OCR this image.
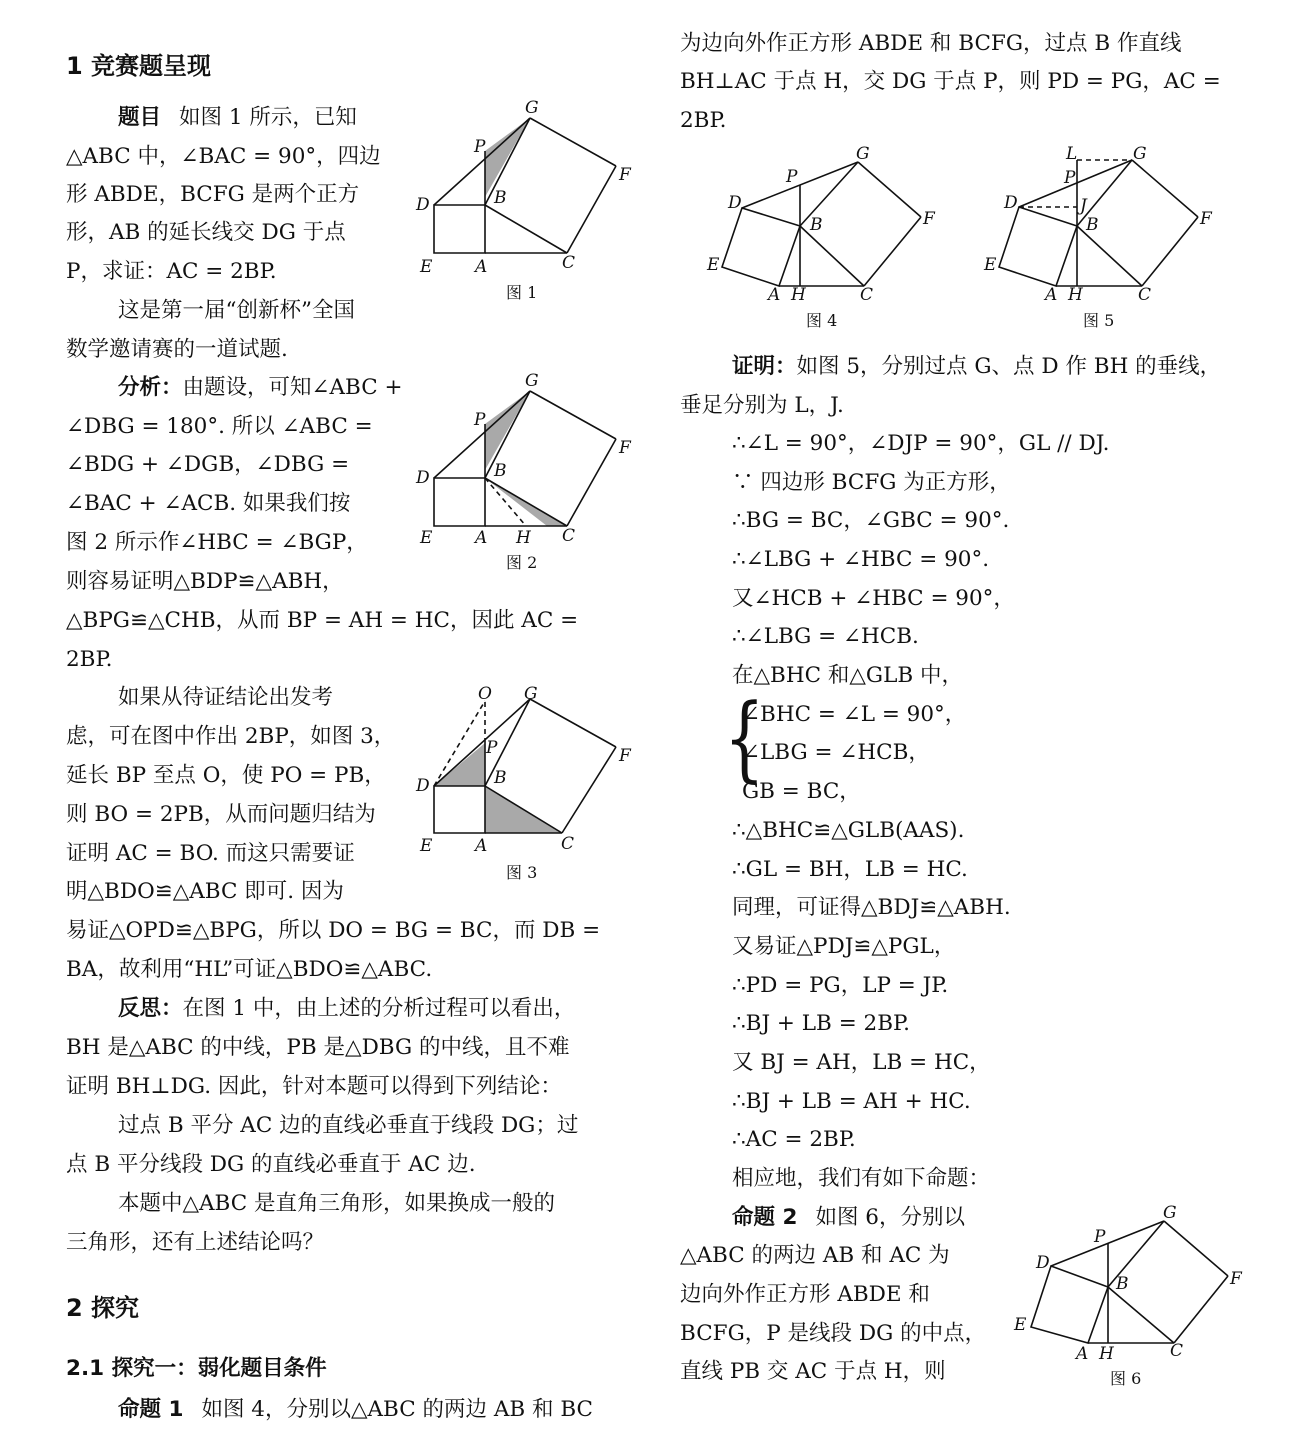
1 竞赛题呈现
题目 如图 1 所示，已知
△ABC 中，∠BAC = 90°，四边
形 ABDE，BCFG 是两个正方
形，AB 的延长线交 DG 于点
P，求证：AC = 2BP.
这是第一届“创新杯”全国
数学邀请赛的一道试题.
分析：由题设，可知∠ABC +
∠DBG = 180°. 所以 ∠ABC =
∠BDG + ∠DGB，∠DBG =
∠BAC + ∠ACB. 如果我们按
图 2 所示作∠HBC = ∠BGP，
则容易证明△BDP≌△ABH，
△BPG≌△CHB，从而 BP = AH = HC，因此 AC =
2BP.
如果从待证结论出发考
虑，可在图中作出 2BP，如图 3，
延长 BP 至点 O，使 PO = PB，
则 BO = 2PB，从而问题归结为
证明 AC = BO. 而这只需要证
明△BDO≌△ABC 即可. 因为
易证△OPD≌△BPG，所以 DO = BG = BC，而 DB =
BA，故利用“HL”可证△BDO≌△ABC.
反思：在图 1 中，由上述的分析过程可以看出，
BH 是△ABC 的中线，PB 是△DBG 的中线，且不难
证明 BH⊥DG. 因此，针对本题可以得到下列结论：
过点 B 平分 AC 边的直线必垂直于线段 DG；过
点 B 平分线段 DG 的直线必垂直于 AC 边.
本题中△ABC 是直角三角形，如果换成一般的
三角形，还有上述结论吗？
2 探究
2.1 探究一：弱化题目条件
命题 1 如图 4，分别以△ABC 的两边 AB 和 BC
为边向外作正方形 ABDE 和 BCFG，过点 B 作直线
BH⊥AC 于点 H，交 DG 于点 P，则 PD = PG，AC =
2BP.
证明：如图 5，分别过点 G、点 D 作 BH 的垂线，
垂足分别为 L，J.
∴∠L = 90°，∠DJP = 90°，GL // DJ.
∵ 四边形 BCFG 为正方形，
∴BG = BC，∠GBC = 90°.
∴∠LBG + ∠HBC = 90°.
又∠HCB + ∠HBC = 90°，
∴∠LBG = ∠HCB.
在△BHC 和△GLB 中，
{
∠BHC = ∠L = 90°，
∠LBG = ∠HCB，
GB = BC，
∴△BHC≌△GLB(AAS).
∴GL = BH，LB = HC.
同理，可证得△BDJ≌△ABH.
又易证△PDJ≌△PGL，
∴PD = PG，LP = JP.
∴BJ + LB = 2BP.
又 BJ = AH，LB = HC，
∴BJ + LB = AH + HC.
∴AC = 2BP.
相应地，我们有如下命题：
命题 2 如图 6，分别以
△ABC 的两边 AB 和 AC 为
边向外作正方形 ABDE 和
BCFG，P 是线段 DG 的中点，
直线 PB 交 AC 于点 H，则
G
P
F
D	B
E	A	C
图 1
G
P
F
D	B
E	A H C
图 2
O G
P	F
D	B
E	A	C
图 3
P
G
D
B	F
E
A H	C
图 4
L	G
P
D	J
B	F
E
A H	C
图 5
P
G
D
B	F
E
A H	C
图 6
